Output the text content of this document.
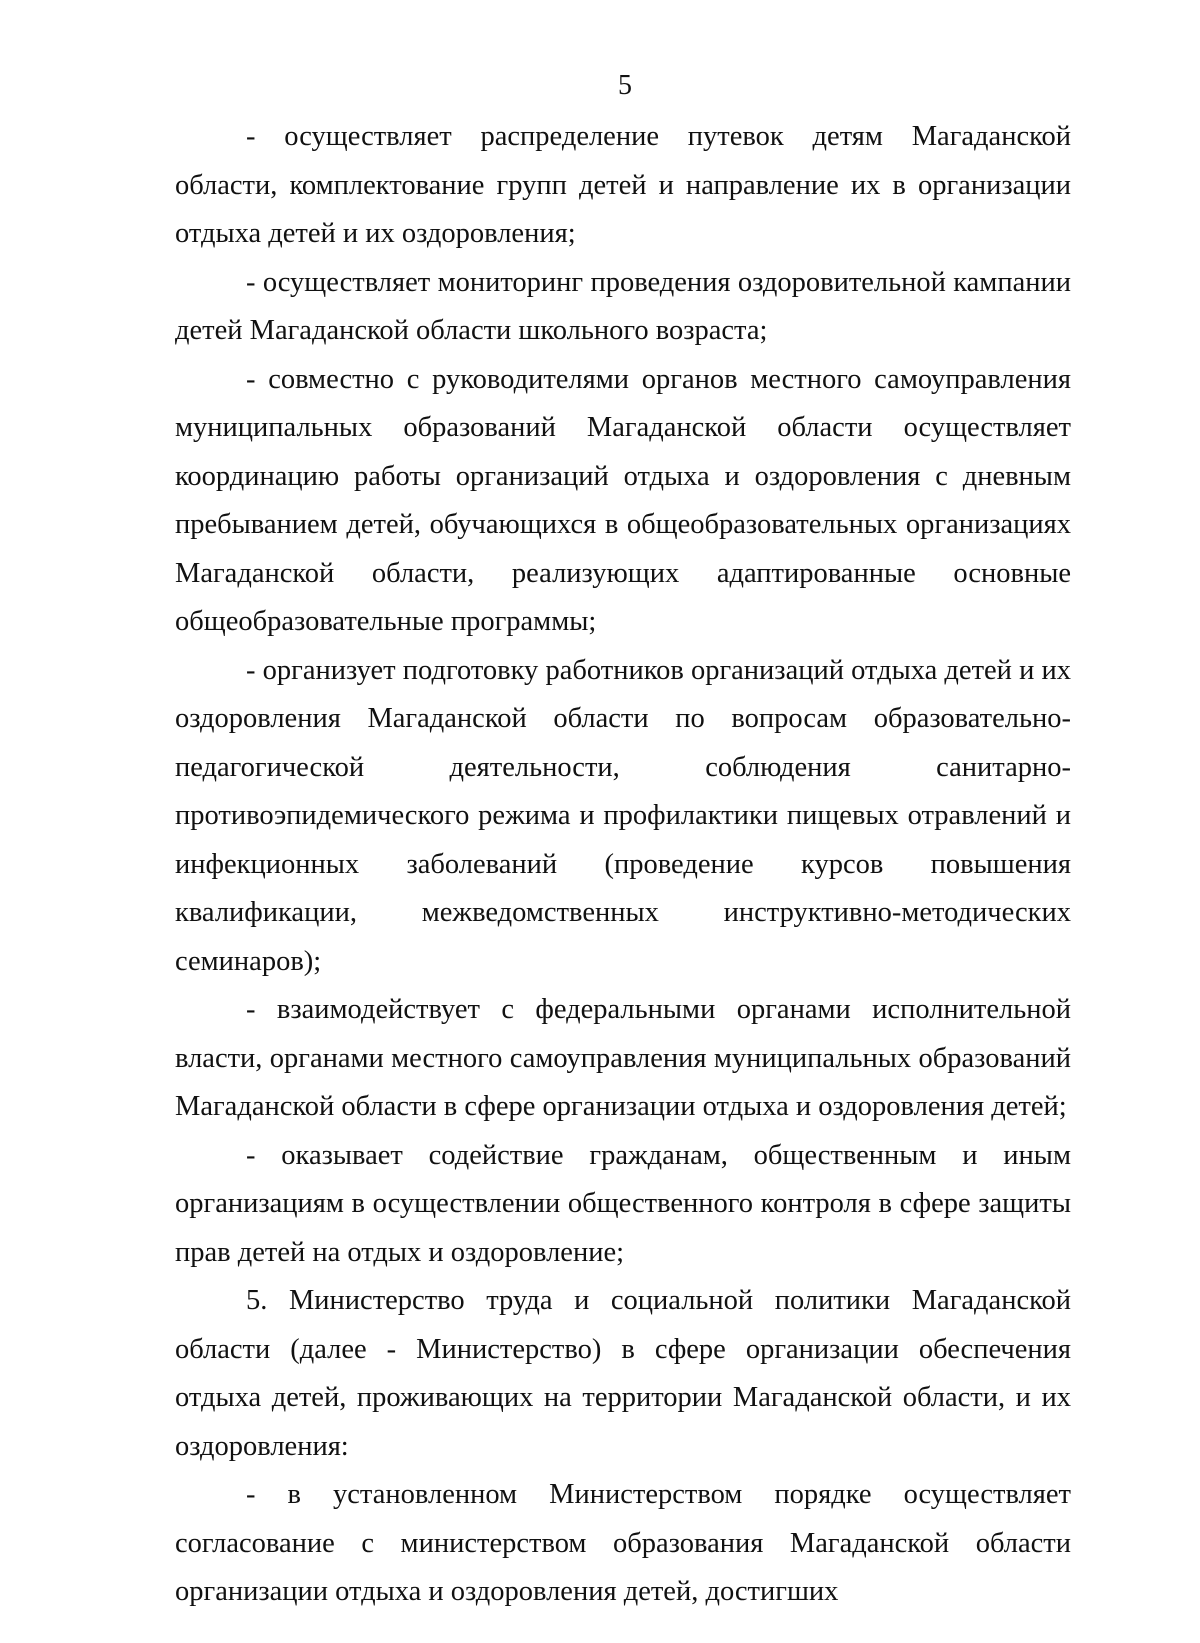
5

- осуществляет распределение путевок детям Магаданской области, комплектование групп детей и направление их в организации отдыха детей и их оздоровления;

- осуществляет мониторинг проведения оздоровительной кампании детей Магаданской области школьного возраста;

- совместно с руководителями органов местного самоуправления муниципальных образований Магаданской области осуществляет координацию работы организаций отдыха и оздоровления с дневным пребыванием детей, обучающихся в общеобразовательных организациях Магаданской области, реализующих адаптированные основные общеобразовательные программы;

- организует подготовку работников организаций отдыха детей и их оздоровления Магаданской области по вопросам образовательно-педагогической деятельности, соблюдения санитарно-противоэпидемического режима и профилактики пищевых отравлений и инфекционных заболеваний (проведение курсов повышения квалификации, межведомственных инструктивно-методических семинаров);

- взаимодействует с федеральными органами исполнительной власти, органами местного самоуправления муниципальных образований Магаданской области в сфере организации отдыха и оздоровления детей;

- оказывает содействие гражданам, общественным и иным организациям в осуществлении общественного контроля в сфере защиты прав детей на отдых и оздоровление;

5. Министерство труда и социальной политики Магаданской области (далее - Министерство) в сфере организации обеспечения отдыха детей, проживающих на территории Магаданской области, и их оздоровления:

- в установленном Министерством порядке осуществляет согласование с министерством образования Магаданской области организации отдыха и оздоровления детей, достигших
